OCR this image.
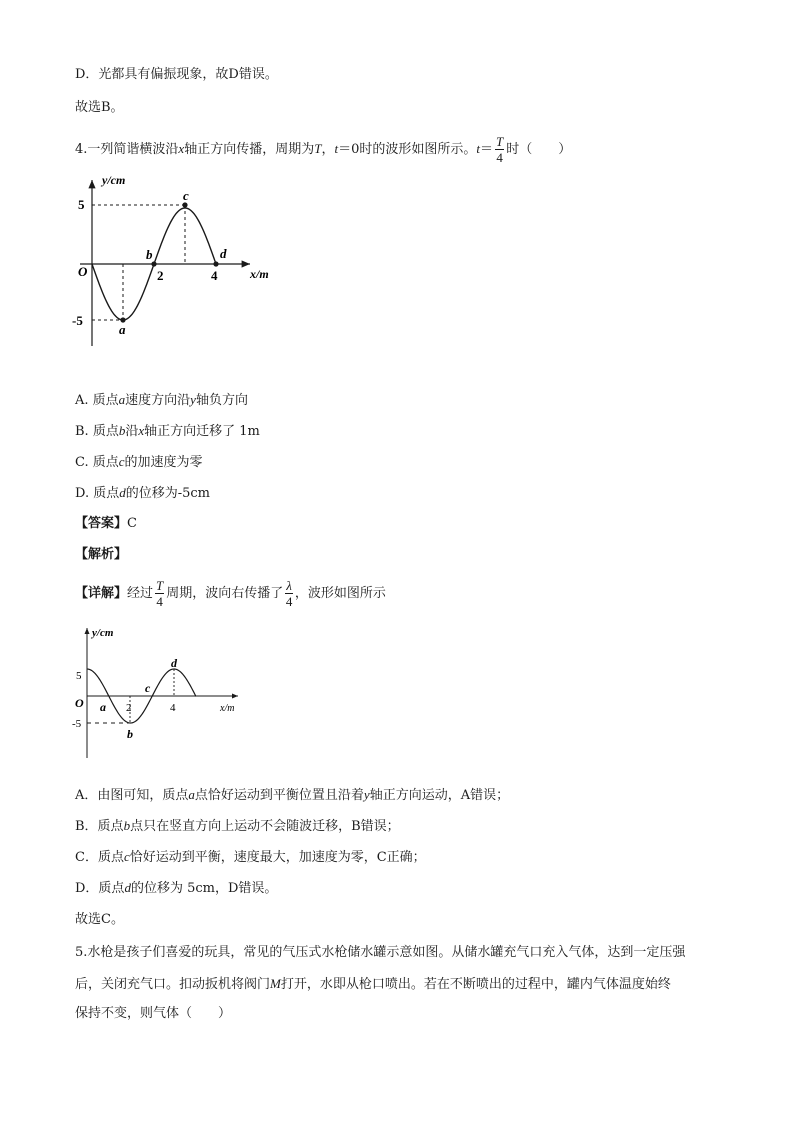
D．光都具有偏振现象，故D错误。
故选B。
4.一列简谐横波沿x轴正方向传播，周期为T，t＝0时的波形如图所示。$t= \frac{T}{4}$ 时（　　）
y/cm
x/m
O
5
-5
2	4
a
b
c
d
A. 质点a速度方向沿y轴负方向
B. 质点b沿x轴正方向迁移了 1m
C. 质点c的加速度为零
D. 质点d的位移为-5cm
【答案】C
【解析】
【详解】经过 $\frac{T}{4}$ 周期，波向右传播了 $\frac{\lambda}{4}$ ，波形如图所示
y/cm
x/m
O
5
-5
2	4
a
b
c
d
A．由图可知，质点a点恰好运动到平衡位置且沿着y轴正方向运动，A错误；
B．质点b点只在竖直方向上运动不会随波迁移，B错误；
C．质点c恰好运动到平衡，速度最大，加速度为零，C正确；
D．质点d的位移为 5cm，D错误。
故选C。
5.水枪是孩子们喜爱的玩具，常见的气压式水枪储水罐示意如图。从储水罐充气口充入气体，达到一定压强
后，关闭充气口。扣动扳机将阀门M打开，水即从枪口喷出。若在不断喷出的过程中，罐内气体温度始终
保持不变，则气体（　　）
